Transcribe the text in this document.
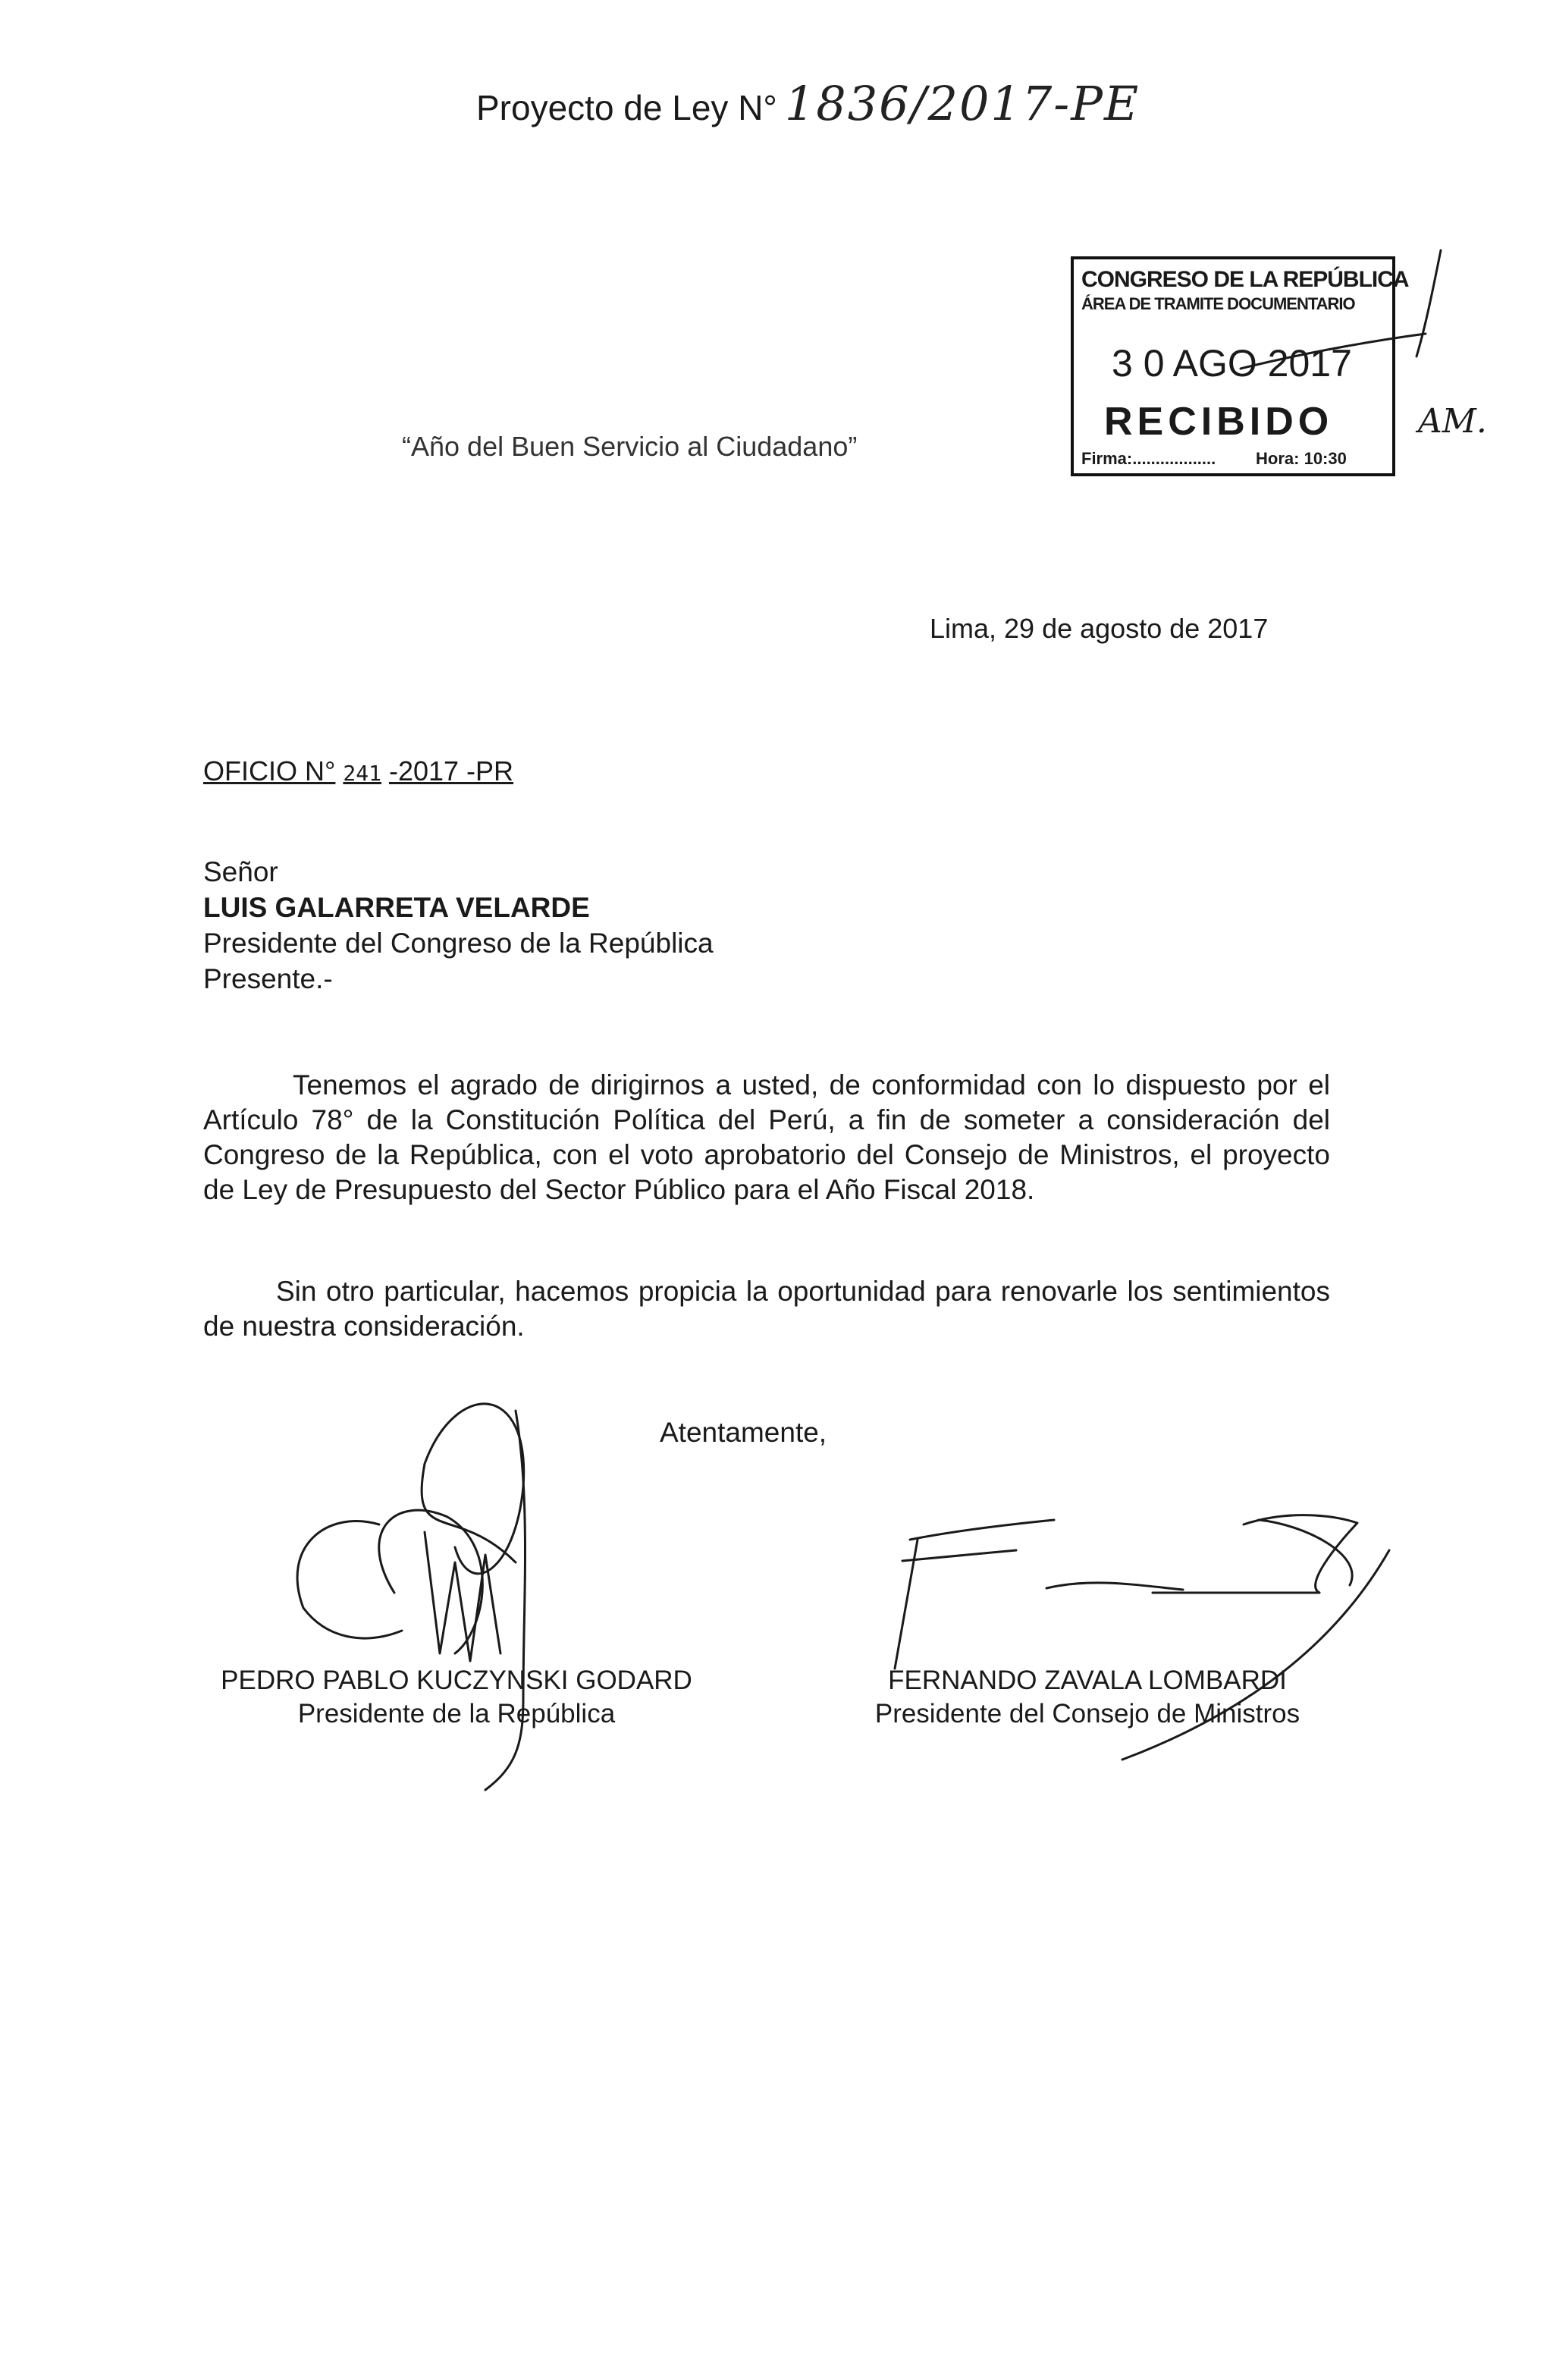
Proyecto de Ley N° 1836/2017-PE
“Año del Buen Servicio al Ciudadano”
CONGRESO DE LA REPÚBLICA
ÁREA DE TRAMITE DOCUMENTARIO
3 0 AGO 2017
RECIBIDO
Firma:.................. Hora: 10:30
AM.
Lima, 29 de agosto de 2017
OFICIO N° 241 -2017 -PR
Señor
LUIS GALARRETA VELARDE
Presidente del Congreso de la República
Presente.-
Tenemos el agrado de dirigirnos a usted, de conformidad con lo dispuesto por el Artículo 78° de la Constitución Política del Perú, a fin de someter a consideración del Congreso de la República, con el voto aprobatorio del Consejo de Ministros, el proyecto de Ley de Presupuesto del Sector Público para el Año Fiscal 2018.
Sin otro particular, hacemos propicia la oportunidad para renovarle los sentimientos de nuestra consideración.
Atentamente,
PEDRO PABLO KUCZYNSKI GODARD
Presidente de la República
FERNANDO ZAVALA LOMBARDI
Presidente del Consejo de Ministros
